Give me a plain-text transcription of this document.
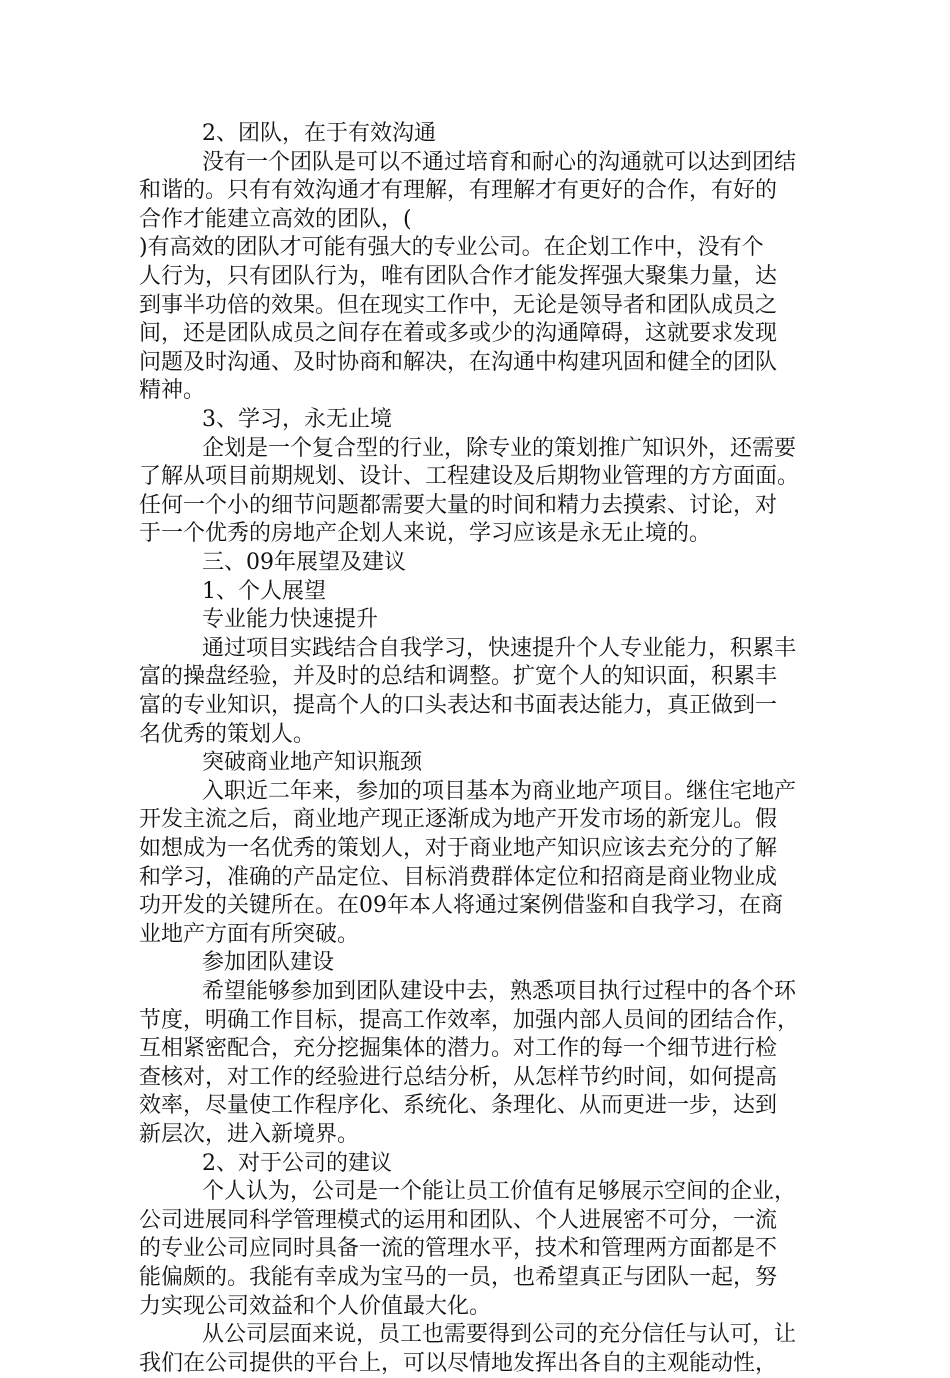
2、团队，在于有效沟通
没有一个团队是可以不通过培育和耐心的沟通就可以达到团结
和谐的。只有有效沟通才有理解，有理解才有更好的合作，有好的
合作才能建立高效的团队，(
)有高效的团队才可能有强大的专业公司。在企划工作中，没有个
人行为，只有团队行为，唯有团队合作才能发挥强大聚集力量，达
到事半功倍的效果。但在现实工作中，无论是领导者和团队成员之
间，还是团队成员之间存在着或多或少的沟通障碍，这就要求发现
问题及时沟通、及时协商和解决，在沟通中构建巩固和健全的团队
精神。
3、学习，永无止境
企划是一个复合型的行业，除专业的策划推广知识外，还需要
了解从项目前期规划、设计、工程建设及后期物业管理的方方面面。
任何一个小的细节问题都需要大量的时间和精力去摸索、讨论，对
于一个优秀的房地产企划人来说，学习应该是永无止境的。
三、09年展望及建议
1、个人展望
专业能力快速提升
通过项目实践结合自我学习，快速提升个人专业能力，积累丰
富的操盘经验，并及时的总结和调整。扩宽个人的知识面，积累丰
富的专业知识，提高个人的口头表达和书面表达能力，真正做到一
名优秀的策划人。
突破商业地产知识瓶颈
入职近二年来，参加的项目基本为商业地产项目。继住宅地产
开发主流之后，商业地产现正逐渐成为地产开发市场的新宠儿。假
如想成为一名优秀的策划人，对于商业地产知识应该去充分的了解
和学习，准确的产品定位、目标消费群体定位和招商是商业物业成
功开发的关键所在。在09年本人将通过案例借鉴和自我学习，在商
业地产方面有所突破。
参加团队建设
希望能够参加到团队建设中去，熟悉项目执行过程中的各个环
节度，明确工作目标，提高工作效率，加强内部人员间的团结合作，
互相紧密配合，充分挖掘集体的潜力。对工作的每一个细节进行检
查核对，对工作的经验进行总结分析，从怎样节约时间，如何提高
效率，尽量使工作程序化、系统化、条理化、从而更进一步，达到
新层次，进入新境界。
2、对于公司的建议
个人认为，公司是一个能让员工价值有足够展示空间的企业，
公司进展同科学管理模式的运用和团队、个人进展密不可分，一流
的专业公司应同时具备一流的管理水平，技术和管理两方面都是不
能偏颇的。我能有幸成为宝马的一员，也希望真正与团队一起，努
力实现公司效益和个人价值最大化。
从公司层面来说，员工也需要得到公司的充分信任与认可，让
我们在公司提供的平台上，可以尽情地发挥出各自的主观能动性，
